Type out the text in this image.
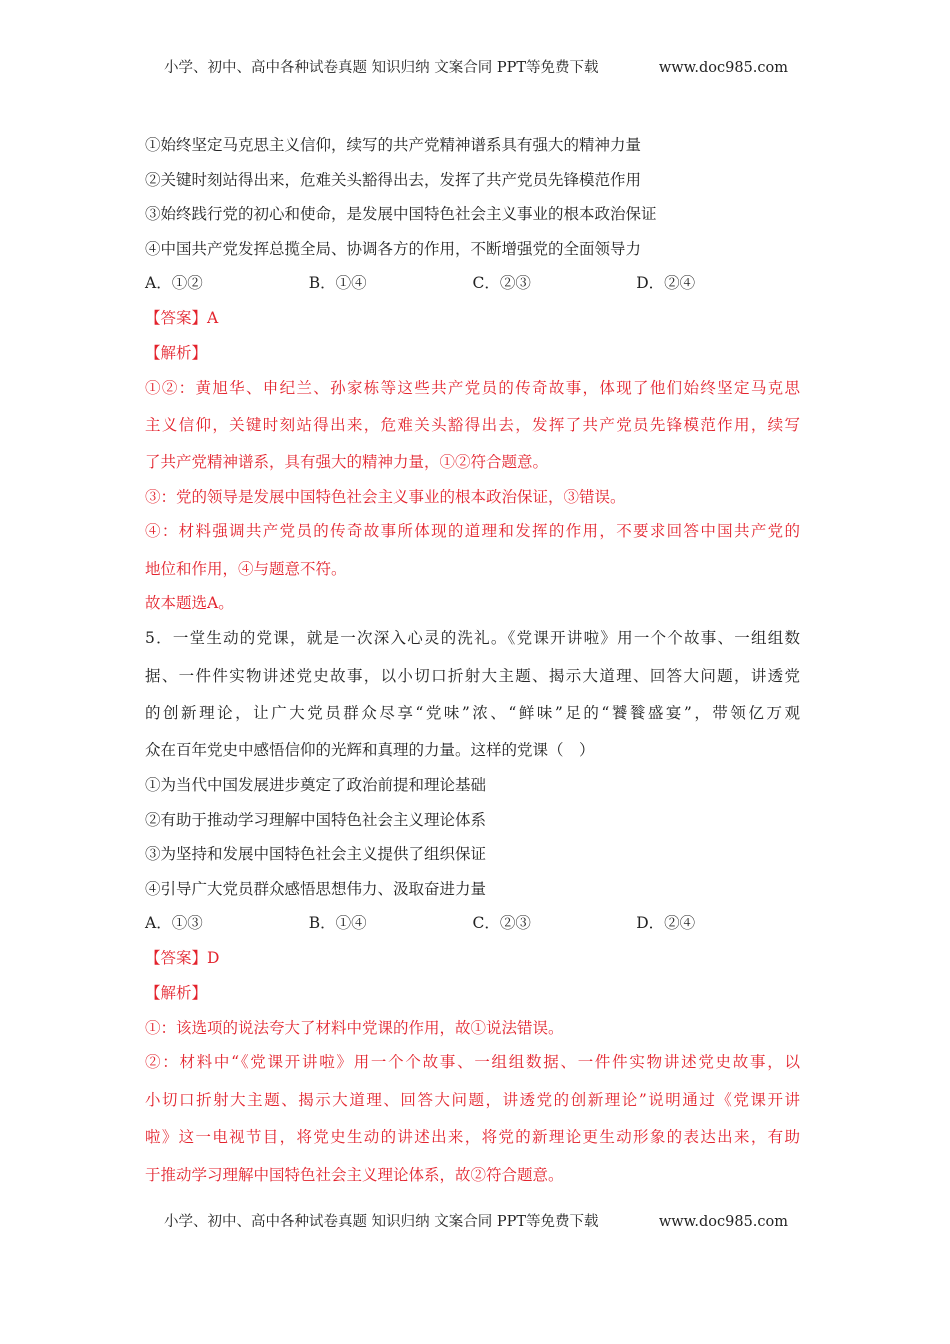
小学、初中、高中各种试卷真题 知识归纳 文案合同 PPT等免费下载	www.doc985.com
①始终坚定马克思主义信仰，续写的共产党精神谱系具有强大的精神力量
②关键时刻站得出来，危难关头豁得出去，发挥了共产党员先锋模范作用
③始终践行党的初心和使命，是发展中国特色社会主义事业的根本政治保证
④中国共产党发挥总揽全局、协调各方的作用，不断增强党的全面领导力
A．①②	B．①④	C．②③	D．②④
【答案】A
【解析】
①②：黄旭华、申纪兰、孙家栋等这些共产党员的传奇故事，体现了他们始终坚定马克思
主义信仰，关键时刻站得出来，危难关头豁得出去，发挥了共产党员先锋模范作用，续写
了共产党精神谱系，具有强大的精神力量，①②符合题意。
③：党的领导是发展中国特色社会主义事业的根本政治保证，③错误。
④：材料强调共产党员的传奇故事所体现的道理和发挥的作用，不要求回答中国共产党的
地位和作用，④与题意不符。
故本题选A。
5．一堂生动的党课，就是一次深入心灵的洗礼。《党课开讲啦》用一个个故事、一组组数
据、一件件实物讲述党史故事，以小切口折射大主题、揭示大道理、回答大问题，讲透党
的创新理论，让广大党员群众尽享“党味”浓、“鲜味”足的“饕餮盛宴”，带领亿万观
众在百年党史中感悟信仰的光辉和真理的力量。这样的党课（　）
①为当代中国发展进步奠定了政治前提和理论基础
②有助于推动学习理解中国特色社会主义理论体系
③为坚持和发展中国特色社会主义提供了组织保证
④引导广大党员群众感悟思想伟力、汲取奋进力量
A．①③	B．①④	C．②③	D．②④
【答案】D
【解析】
①：该选项的说法夸大了材料中党课的作用，故①说法错误。
②：材料中“《党课开讲啦》用一个个故事、一组组数据、一件件实物讲述党史故事，以
小切口折射大主题、揭示大道理、回答大问题，讲透党的创新理论”说明通过《党课开讲
啦》这一电视节目，将党史生动的讲述出来，将党的新理论更生动形象的表达出来，有助
于推动学习理解中国特色社会主义理论体系，故②符合题意。
小学、初中、高中各种试卷真题 知识归纳 文案合同 PPT等免费下载	www.doc985.com
